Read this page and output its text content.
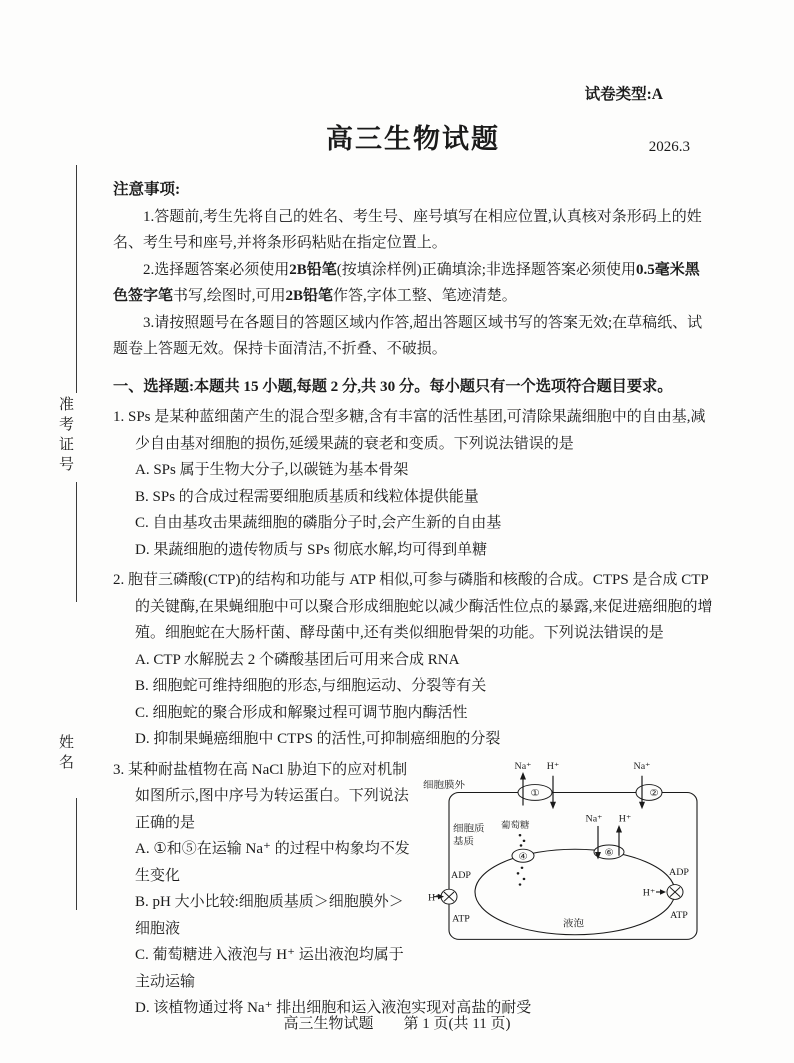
准考证号
姓名
试卷类型:A
高三生物试题	2026.3
注意事项:

1.答题前,考生先将自己的姓名、考生号、座号填写在相应位置,认真核对条形码上的姓名、考生号和座号,并将条形码粘贴在指定位置上。

2.选择题答案必须使用2B铅笔(按填涂样例)正确填涂;非选择题答案必须使用0.5毫米黑色签字笔书写,绘图时,可用2B铅笔作答,字体工整、笔迹清楚。

3.请按照题号在各题目的答题区域内作答,超出答题区域书写的答案无效;在草稿纸、试题卷上答题无效。保持卡面清洁,不折叠、不破损。

一、选择题:本题共 15 小题,每题 2 分,共 30 分。每小题只有一个选项符合题目要求。

1. SPs 是某种蓝细菌产生的混合型多糖,含有丰富的活性基团,可清除果蔬细胞中的自由基,减少自由基对细胞的损伤,延缓果蔬的衰老和变质。下列说法错误的是

A. SPs 属于生物大分子,以碳链为基本骨架

B. SPs 的合成过程需要细胞质基质和线粒体提供能量

C. 自由基攻击果蔬细胞的磷脂分子时,会产生新的自由基

D. 果蔬细胞的遗传物质与 SPs 彻底水解,均可得到单糖

2. 胞苷三磷酸(CTP)的结构和功能与 ATP 相似,可参与磷脂和核酸的合成。CTPS 是合成 CTP 的关键酶,在果蝇细胞中可以聚合形成细胞蛇以减少酶活性位点的暴露,来促进癌细胞的增殖。细胞蛇在大肠杆菌、酵母菌中,还有类似细胞骨架的功能。下列说法错误的是

A. CTP 水解脱去 2 个磷酸基团后可用来合成 RNA

B. 细胞蛇可维持细胞的形态,与细胞运动、分裂等有关

C. 细胞蛇的聚合形成和解聚过程可调节胞内酶活性

D. 抑制果蝇癌细胞中 CTPS 的活性,可抑制癌细胞的分裂

细胞膜外
细胞质
基质
葡萄糖
液泡
Na⁺ H⁺	Na⁺
Na⁺ H⁺
H⁺
ADP
ATP
H⁺
ADP
ATP
①	②
④	⑥

3. 某种耐盐植物在高 NaCl 胁迫下的应对机制如图所示,图中序号为转运蛋白。下列说法正确的是

A. ①和⑤在运输 Na⁺ 的过程中构象均不发生变化

B. pH 大小比较:细胞质基质＞细胞膜外＞细胞液

C. 葡萄糖进入液泡与 H⁺ 运出液泡均属于主动运输

D. 该植物通过将 Na⁺ 排出细胞和运入液泡实现对高盐的耐受

高三生物试题 第 1 页(共 11 页)
